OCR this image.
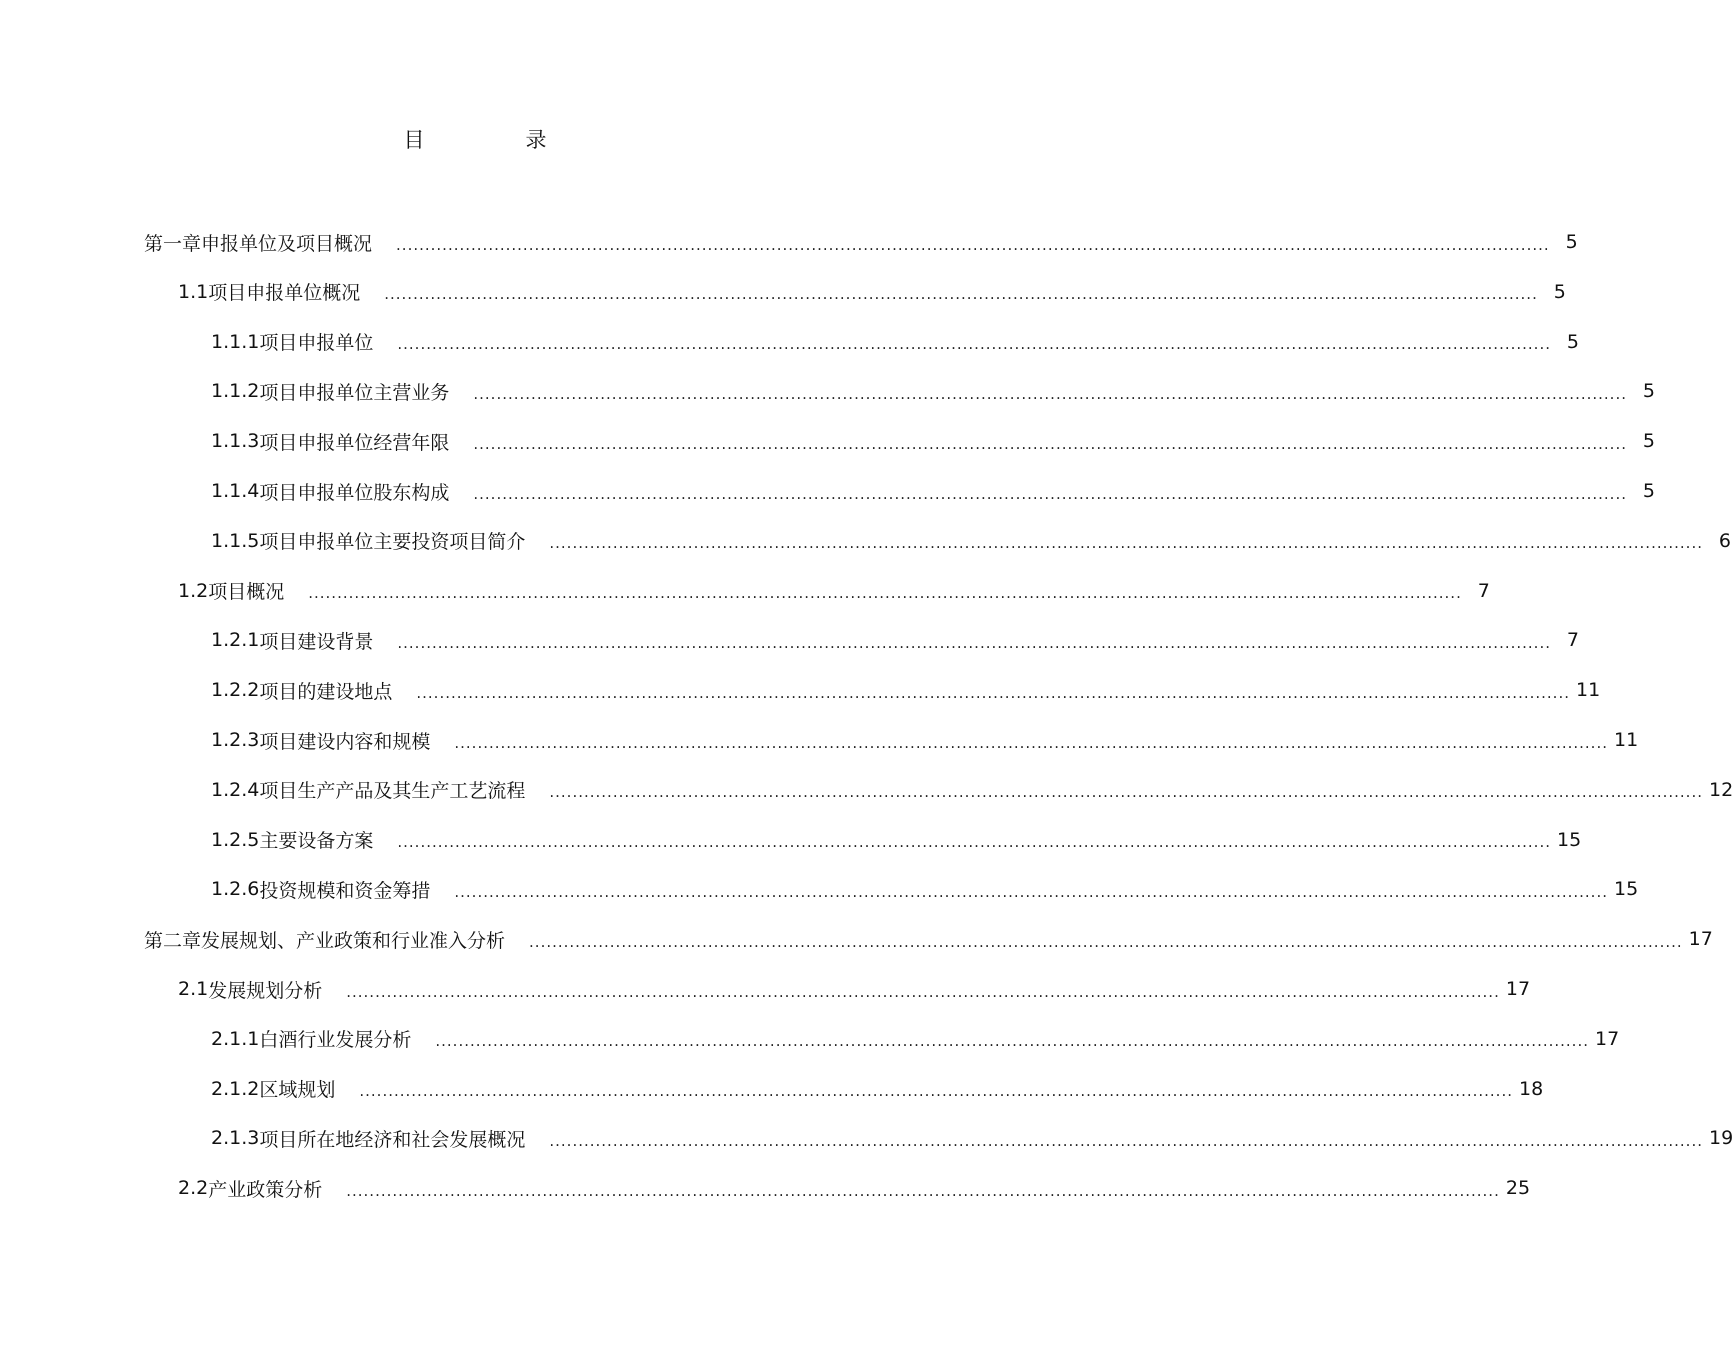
目　录
第一章 申报单位及项目概况 ........................................................................................................................................................................................................ 5
1.1 项目申报单位概况 ........................................................................................................................................................................................................ 5
1.1.1 项目申报单位 ........................................................................................................................................................................................................ 5
1.1.2 项目申报单位主营业务 ........................................................................................................................................................................................................ 5
1.1.3 项目申报单位经营年限 ........................................................................................................................................................................................................ 5
1.1.4 项目申报单位股东构成 ........................................................................................................................................................................................................ 5
1.1.5 项目申报单位主要投资项目简介 ........................................................................................................................................................................................................ 6
1.2 项目概况 ........................................................................................................................................................................................................ 7
1.2.1 项目建设背景 ........................................................................................................................................................................................................ 7
1.2.2 项目的建设地点 ........................................................................................................................................................................................................ 11
1.2.3 项目建设内容和规模 ........................................................................................................................................................................................................ 11
1.2.4 项目生产产品及其生产工艺流程 ........................................................................................................................................................................................................ 12
1.2.5 主要设备方案 ........................................................................................................................................................................................................ 15
1.2.6 投资规模和资金筹措 ........................................................................................................................................................................................................ 15
第二章 发展规划、产业政策和行业准入分析 ........................................................................................................................................................................................................ 17
2.1 发展规划分析 ........................................................................................................................................................................................................ 17
2.1.1 白酒行业发展分析 ........................................................................................................................................................................................................ 17
2.1.2 区域规划 ........................................................................................................................................................................................................ 18
2.1.3 项目所在地经济和社会发展概况 ........................................................................................................................................................................................................ 19
2.2 产业政策分析 ........................................................................................................................................................................................................ 25
